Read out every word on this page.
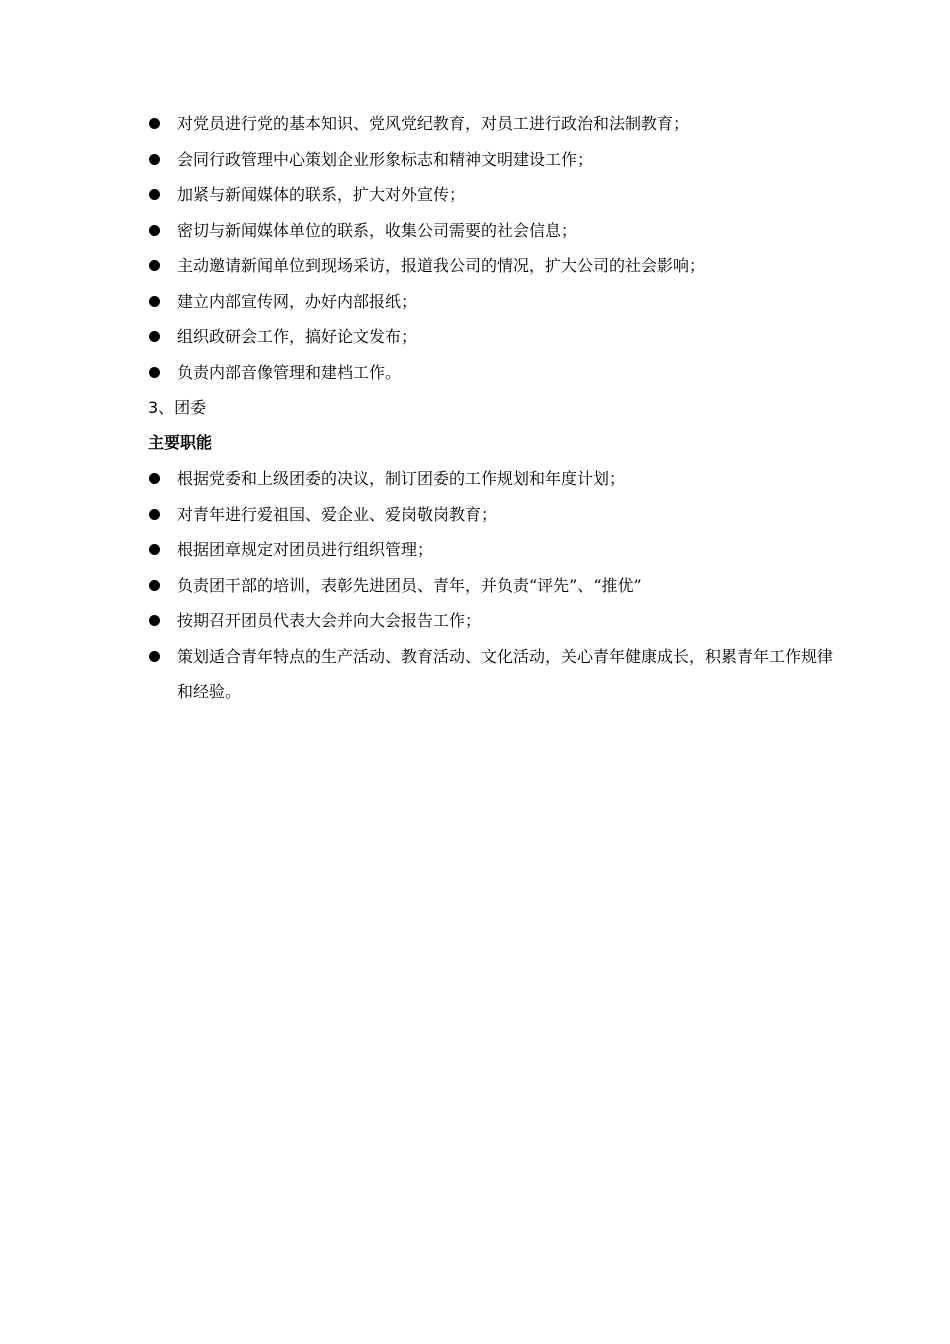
对党员进行党的基本知识、党风党纪教育，对员工进行政治和法制教育；
会同行政管理中心策划企业形象标志和精神文明建设工作；
加紧与新闻媒体的联系，扩大对外宣传；
密切与新闻媒体单位的联系，收集公司需要的社会信息；
主动邀请新闻单位到现场采访，报道我公司的情况，扩大公司的社会影响；
建立内部宣传网，办好内部报纸；
组织政研会工作，搞好论文发布；
负责内部音像管理和建档工作。
3、团委
主要职能
根据党委和上级团委的决议，制订团委的工作规划和年度计划；
对青年进行爱祖国、爱企业、爱岗敬岗教育；
根据团章规定对团员进行组织管理；
负责团干部的培训，表彰先进团员、青年，并负责“评先”、“推优”
按期召开团员代表大会并向大会报告工作；
策划适合青年特点的生产活动、教育活动、文化活动，关心青年健康成长，积累青年工作规律和经验。
